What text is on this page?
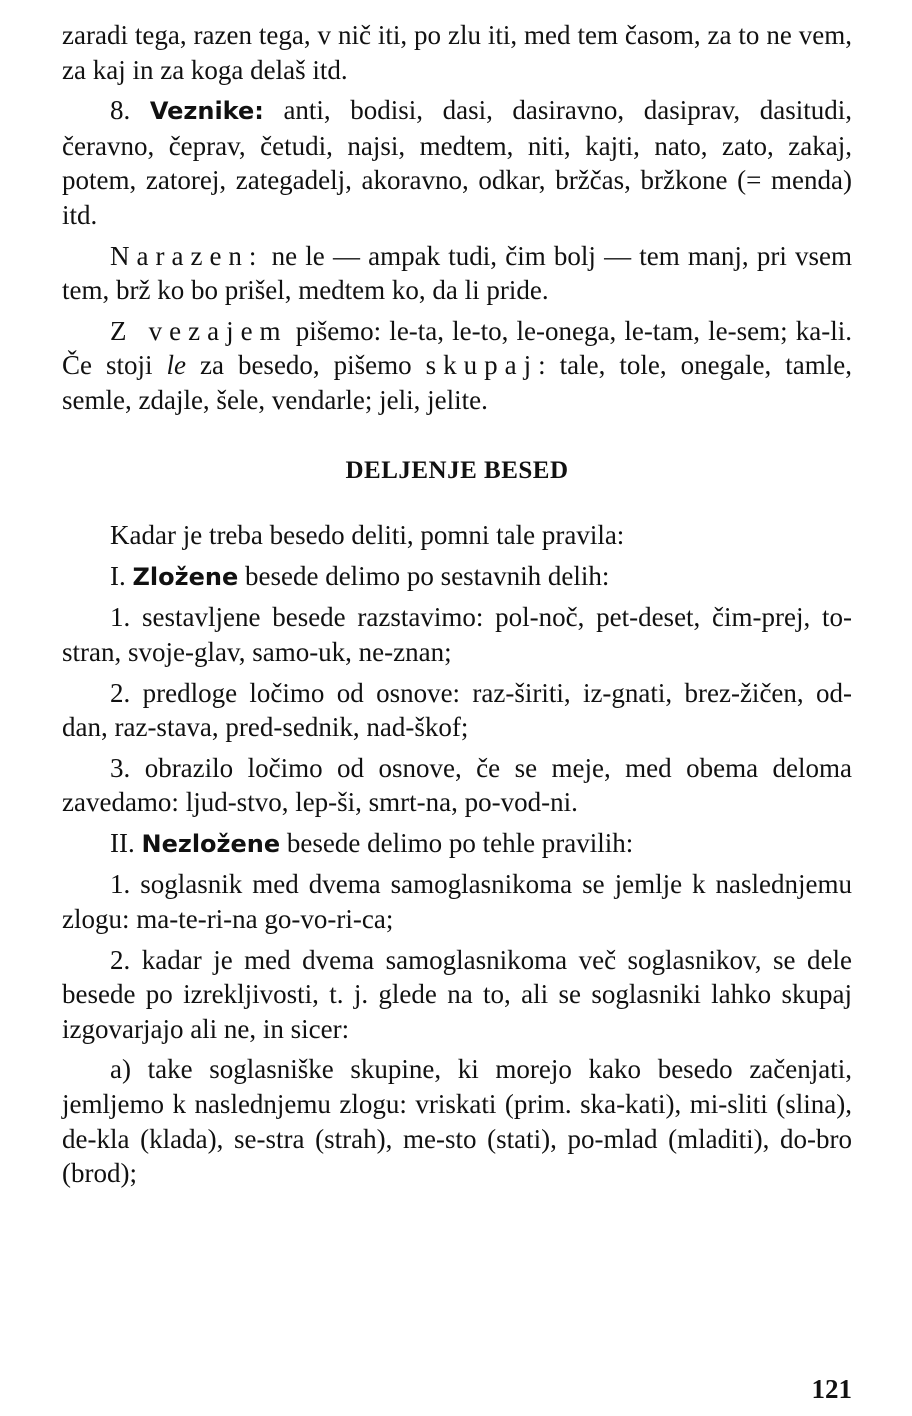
zaradi tega, razen tega, v nič iti, po zlu iti, med tem časom, za to ne vem, za kaj in za koga delaš itd.

8. Veznike: anti, bodisi, dasi, dasiravno, dasiprav, dasitudi, čeravno, čeprav, četudi, najsi, medtem, niti, kajti, nato, zato, zakaj, potem, zatorej, zategadelj, akoravno, odkar, bržčas, bržkone (= menda) itd.

Narazen: ne le — ampak tudi, čim bolj — tem manj, pri vsem tem, brž ko bo prišel, medtem ko, da li pride.

Z vezajem pišemo: le-ta, le-to, le-onega, le-tam, le-sem; ka-li. Če stoji le za besedo, pišemo skupaj: tale, tole, onegale, tamle, semle, zdajle, šele, vendarle; jeli, jelite.

DELJENJE BESED

Kadar je treba besedo deliti, pomni tale pravila:

I. Zložene besede delimo po sestavnih delih:

1. sestavljene besede razstavimo: pol-noč, pet-deset, čim-prej, to-stran, svoje-glav, samo-uk, ne-znan;

2. predloge ločimo od osnove: raz-širiti, iz-gnati, brez-žičen, od-dan, raz-stava, pred-sednik, nad-škof;

3. obrazilo ločimo od osnove, če se meje, med obema deloma zavedamo: ljud-stvo, lep-ši, smrt-na, po-vod-ni.

II. Nezložene besede delimo po tehle pravilih:

1. soglasnik med dvema samoglasnikoma se jemlje k naslednjemu zlogu: ma-te-ri-na go-vo-ri-ca;

2. kadar je med dvema samoglasnikoma več soglasnikov, se dele besede po izrekljivosti, t. j. glede na to, ali se soglasniki lahko skupaj izgovarjajo ali ne, in sicer:

a) take soglasniške skupine, ki morejo kako besedo začenjati, jemljemo k naslednjemu zlogu: vriskati (prim. ska-kati), mi-sliti (slina), de-kla (klada), se-stra (strah), me-sto (stati), po-mlad (mladiti), do-bro (brod);

121
